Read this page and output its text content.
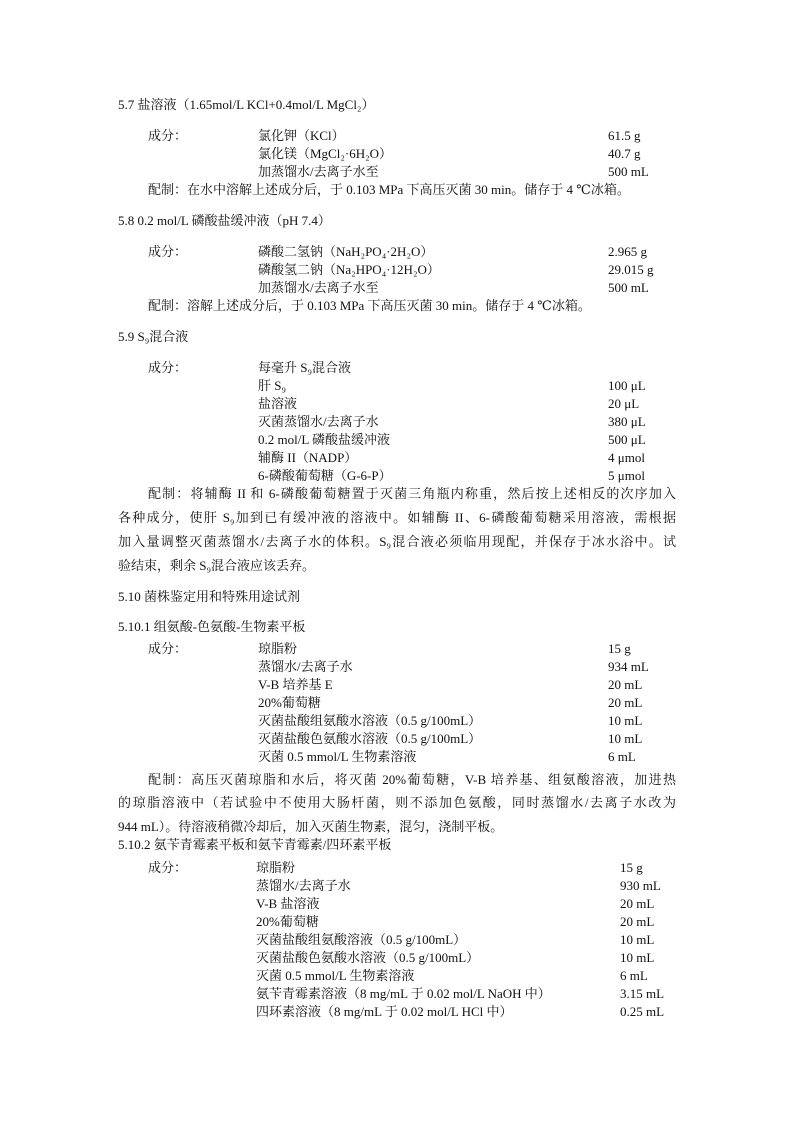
5.7 盐溶液（1.65mol/L KCl+0.4mol/L MgCl₂）
成分：	氯化钾（KCl）	61.5 g
氯化镁（MgCl₂·6H₂O）	40.7 g
加蒸馏水/去离子水至	500 mL
配制：在水中溶解上述成分后，于 0.103 MPa 下高压灭菌 30 min。储存于 4 ℃冰箱。
5.8 0.2 mol/L 磷酸盐缓冲液（pH 7.4）
成分：	磷酸二氢钠（NaH₂PO₄·2H₂O）	2.965 g
磷酸氢二钠（Na₂HPO₄·12H₂O）	29.015 g
加蒸馏水/去离子水至	500 mL
配制：溶解上述成分后，于 0.103 MPa 下高压灭菌 30 min。储存于 4 ℃冰箱。
5.9 S₉混合液
成分：	每毫升 S₉混合液
肝 S₉	100 μL
盐溶液	20 μL
灭菌蒸馏水/去离子水	380 μL
0.2 mol/L 磷酸盐缓冲液	500 μL
辅酶 II（NADP）	4 μmol
6-磷酸葡萄糖（G-6-P）	5 μmol
配制：将辅酶 II 和 6-磷酸葡萄糖置于灭菌三角瓶内称重，然后按上述相反的次序加入
各种成分，使肝 S₉加到已有缓冲液的溶液中。如辅酶 II、6-磷酸葡萄糖采用溶液，需根据
加入量调整灭菌蒸馏水/去离子水的体积。S₉混合液必须临用现配，并保存于冰水浴中。试
验结束，剩余 S₉混合液应该丢弃。
5.10 菌株鉴定用和特殊用途试剂
5.10.1 组氨酸-色氨酸-生物素平板
成分：	琼脂粉	15 g
蒸馏水/去离子水	934 mL
V-B 培养基 E	20 mL
20%葡萄糖	20 mL
灭菌盐酸组氨酸水溶液（0.5 g/100mL）	10 mL
灭菌盐酸色氨酸水溶液（0.5 g/100mL）	10 mL
灭菌 0.5 mmol/L 生物素溶液	6 mL
配制：高压灭菌琼脂和水后，将灭菌 20%葡萄糖，V-B 培养基、组氨酸溶液，加进热
的琼脂溶液中（若试验中不使用大肠杆菌，则不添加色氨酸，同时蒸馏水/去离子水改为
944 mL）。待溶液稍微冷却后，加入灭菌生物素，混匀，浇制平板。
5.10.2 氨苄青霉素平板和氨苄青霉素/四环素平板
成分：	琼脂粉	15 g
蒸馏水/去离子水	930 mL
V-B 盐溶液	20 mL
20%葡萄糖	20 mL
灭菌盐酸组氨酸溶液（0.5 g/100mL）	10 mL
灭菌盐酸色氨酸水溶液（0.5 g/100mL）	10 mL
灭菌 0.5 mmol/L 生物素溶液	6 mL
氨苄青霉素溶液（8 mg/mL 于 0.02 mol/L NaOH 中）	3.15 mL
四环素溶液（8 mg/mL 于 0.02 mol/L HCl 中）	0.25 mL
